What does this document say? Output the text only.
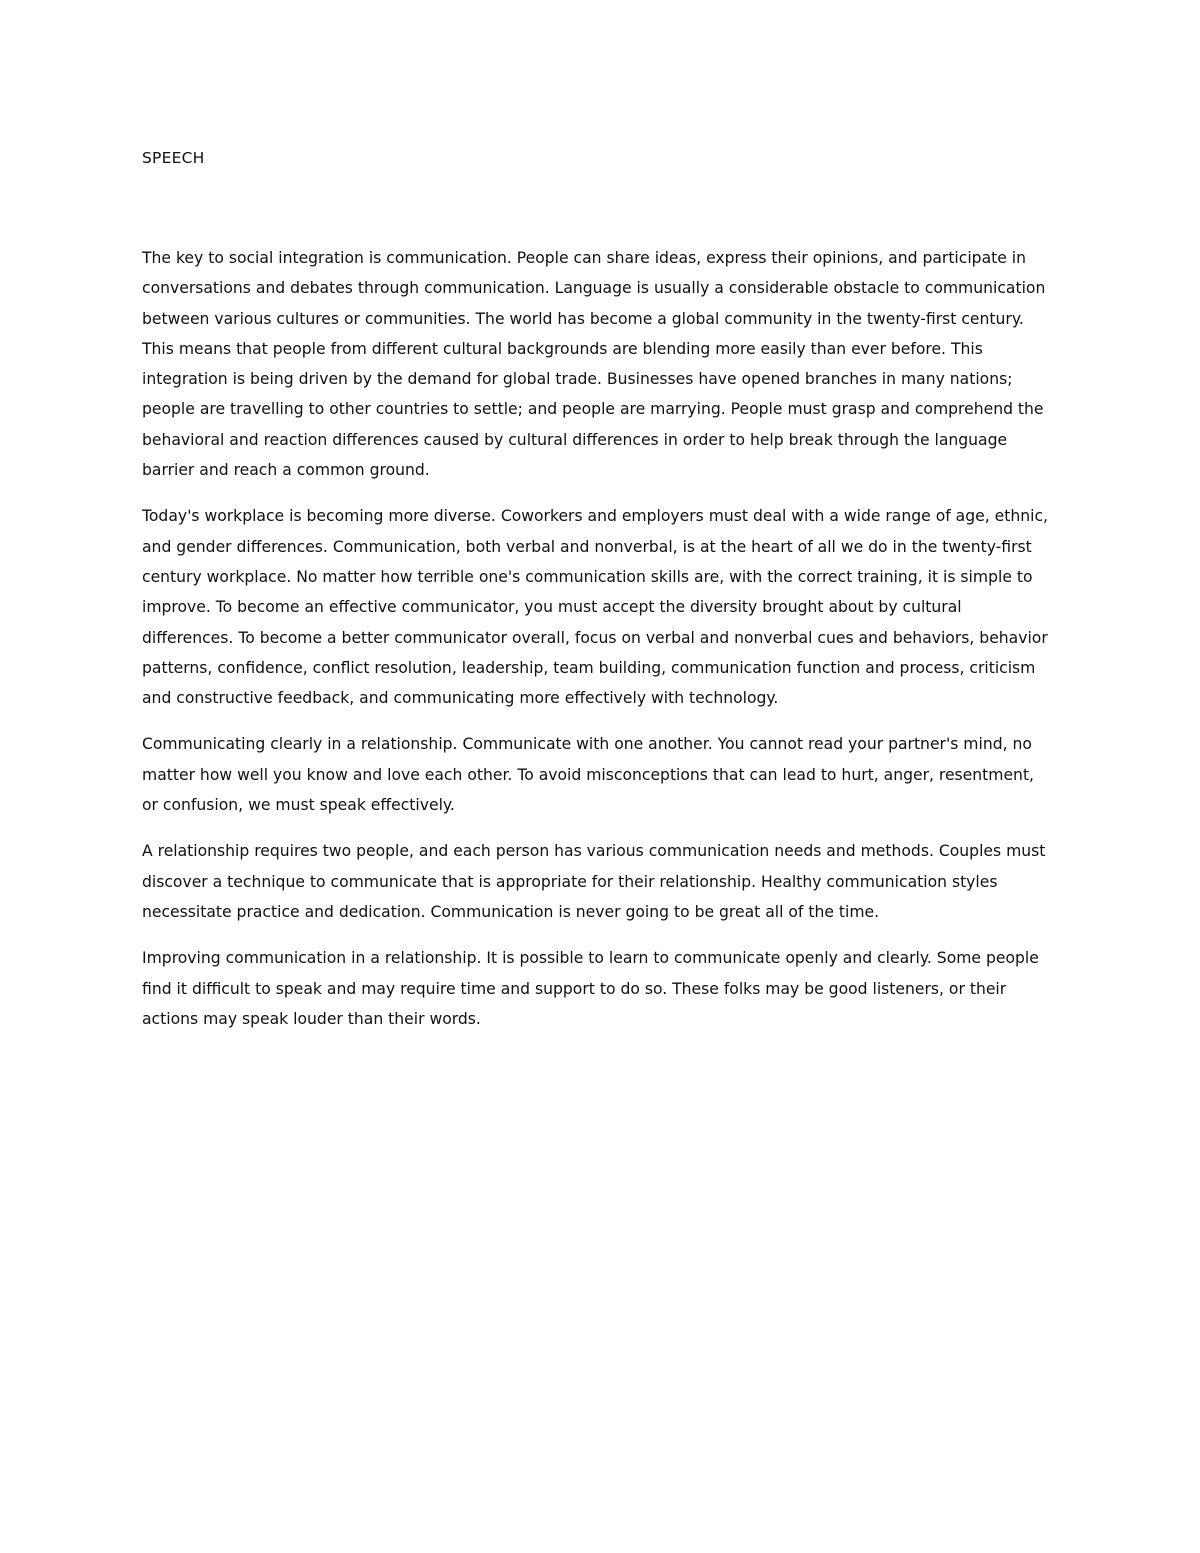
SPEECH

The key to social integration is communication. People can share ideas, express their opinions, and participate in conversations and debates through communication. Language is usually a considerable obstacle to communication between various cultures or communities. The world has become a global community in the twenty-first century. This means that people from different cultural backgrounds are blending more easily than ever before. This integration is being driven by the demand for global trade. Businesses have opened branches in many nations; people are travelling to other countries to settle; and people are marrying. People must grasp and comprehend the behavioral and reaction differences caused by cultural differences in order to help break through the language barrier and reach a common ground.

Today's workplace is becoming more diverse. Coworkers and employers must deal with a wide range of age, ethnic, and gender differences. Communication, both verbal and nonverbal, is at the heart of all we do in the twenty-first century workplace. No matter how terrible one's communication skills are, with the correct training, it is simple to improve. To become an effective communicator, you must accept the diversity brought about by cultural differences. To become a better communicator overall, focus on verbal and nonverbal cues and behaviors, behavior patterns, confidence, conflict resolution, leadership, team building, communication function and process, criticism and constructive feedback, and communicating more effectively with technology.

Communicating clearly in a relationship. Communicate with one another. You cannot read your partner's mind, no matter how well you know and love each other. To avoid misconceptions that can lead to hurt, anger, resentment, or confusion, we must speak effectively.

A relationship requires two people, and each person has various communication needs and methods. Couples must discover a technique to communicate that is appropriate for their relationship. Healthy communication styles necessitate practice and dedication. Communication is never going to be great all of the time.

Improving communication in a relationship. It is possible to learn to communicate openly and clearly. Some people find it difficult to speak and may require time and support to do so. These folks may be good listeners, or their actions may speak louder than their words.
